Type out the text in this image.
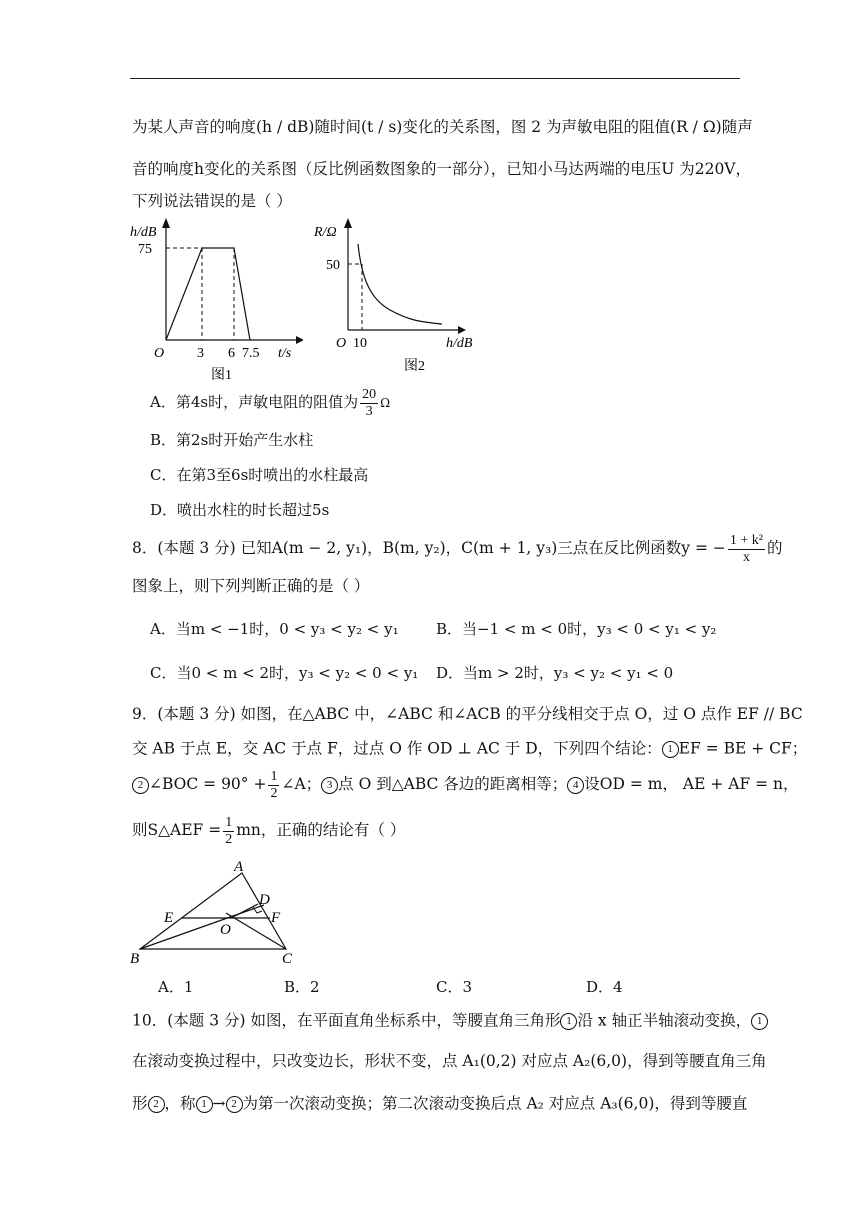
为某人声音的响度(h / dB)随时间(t / s)变化的关系图，图 2 为声敏电阻的阻值(R / Ω)随声
音的响度h变化的关系图（反比例函数图象的一部分），已知小马达两端的电压U 为220V，
下列说法错误的是（ ）
h/dB
75
O 3 6 7.5 t/s
图1
R/Ω
50
O 10	h/dB
图2
A．第4s时，声敏电阻的阻值为 $\frac{20}{3}$ Ω
B．第2s时开始产生水柱
C．在第3至6s时喷出的水柱最高
D．喷出水柱的时长超过5s
8．(本题 3 分) 已知A(m − 2, y₁)，B(m, y₂)，C(m + 1, y₃)三点在反比例函数y = − $\frac{\text{1 + k²}}{x}$ 的
图象上，则下列判断正确的是（ ）
A．当m < −1时，0 < y₃ < y₂ < y₁ B．当−1 < m < 0时，y₃ < 0 < y₁ < y₂
C．当0 < m < 2时，y₃ < y₂ < 0 < y₁ D．当m > 2时，y₃ < y₂ < y₁ < 0
9．(本题 3 分) 如图，在△ABC 中，∠ABC 和∠ACB 的平分线相交于点 O，过 O 点作 EF // BC
交 AB 于点 E，交 AC 于点 F，过点 O 作 OD ⊥ AC 于 D，下列四个结论： 1 EF = BE + CF；
2 ∠BOC = $90^\circ + \frac{1}{2}$ ∠A； 3 点 O 到△ABC 各边的距离相等； 4 设OD = m， AE + AF = n，
则S△AEF = $\frac{1}{2}$ mn，正确的结论有（ ）
A
B	C
D
E	F
O
A．1	B．2	C．3	D．4
10．(本题 3 分) 如图，在平面直角坐标系中，等腰直角三角形 1 沿 x 轴正半轴滚动变换， 1
在滚动变换过程中，只改变边长，形状不变，点 A₁(0,2) 对应点 A₂(6,0)，得到等腰直角三角
形 2 ，称 1 → 2 为第一次滚动变换；第二次滚动变换后点 A₂ 对应点 A₃(6,0)，得到等腰直
